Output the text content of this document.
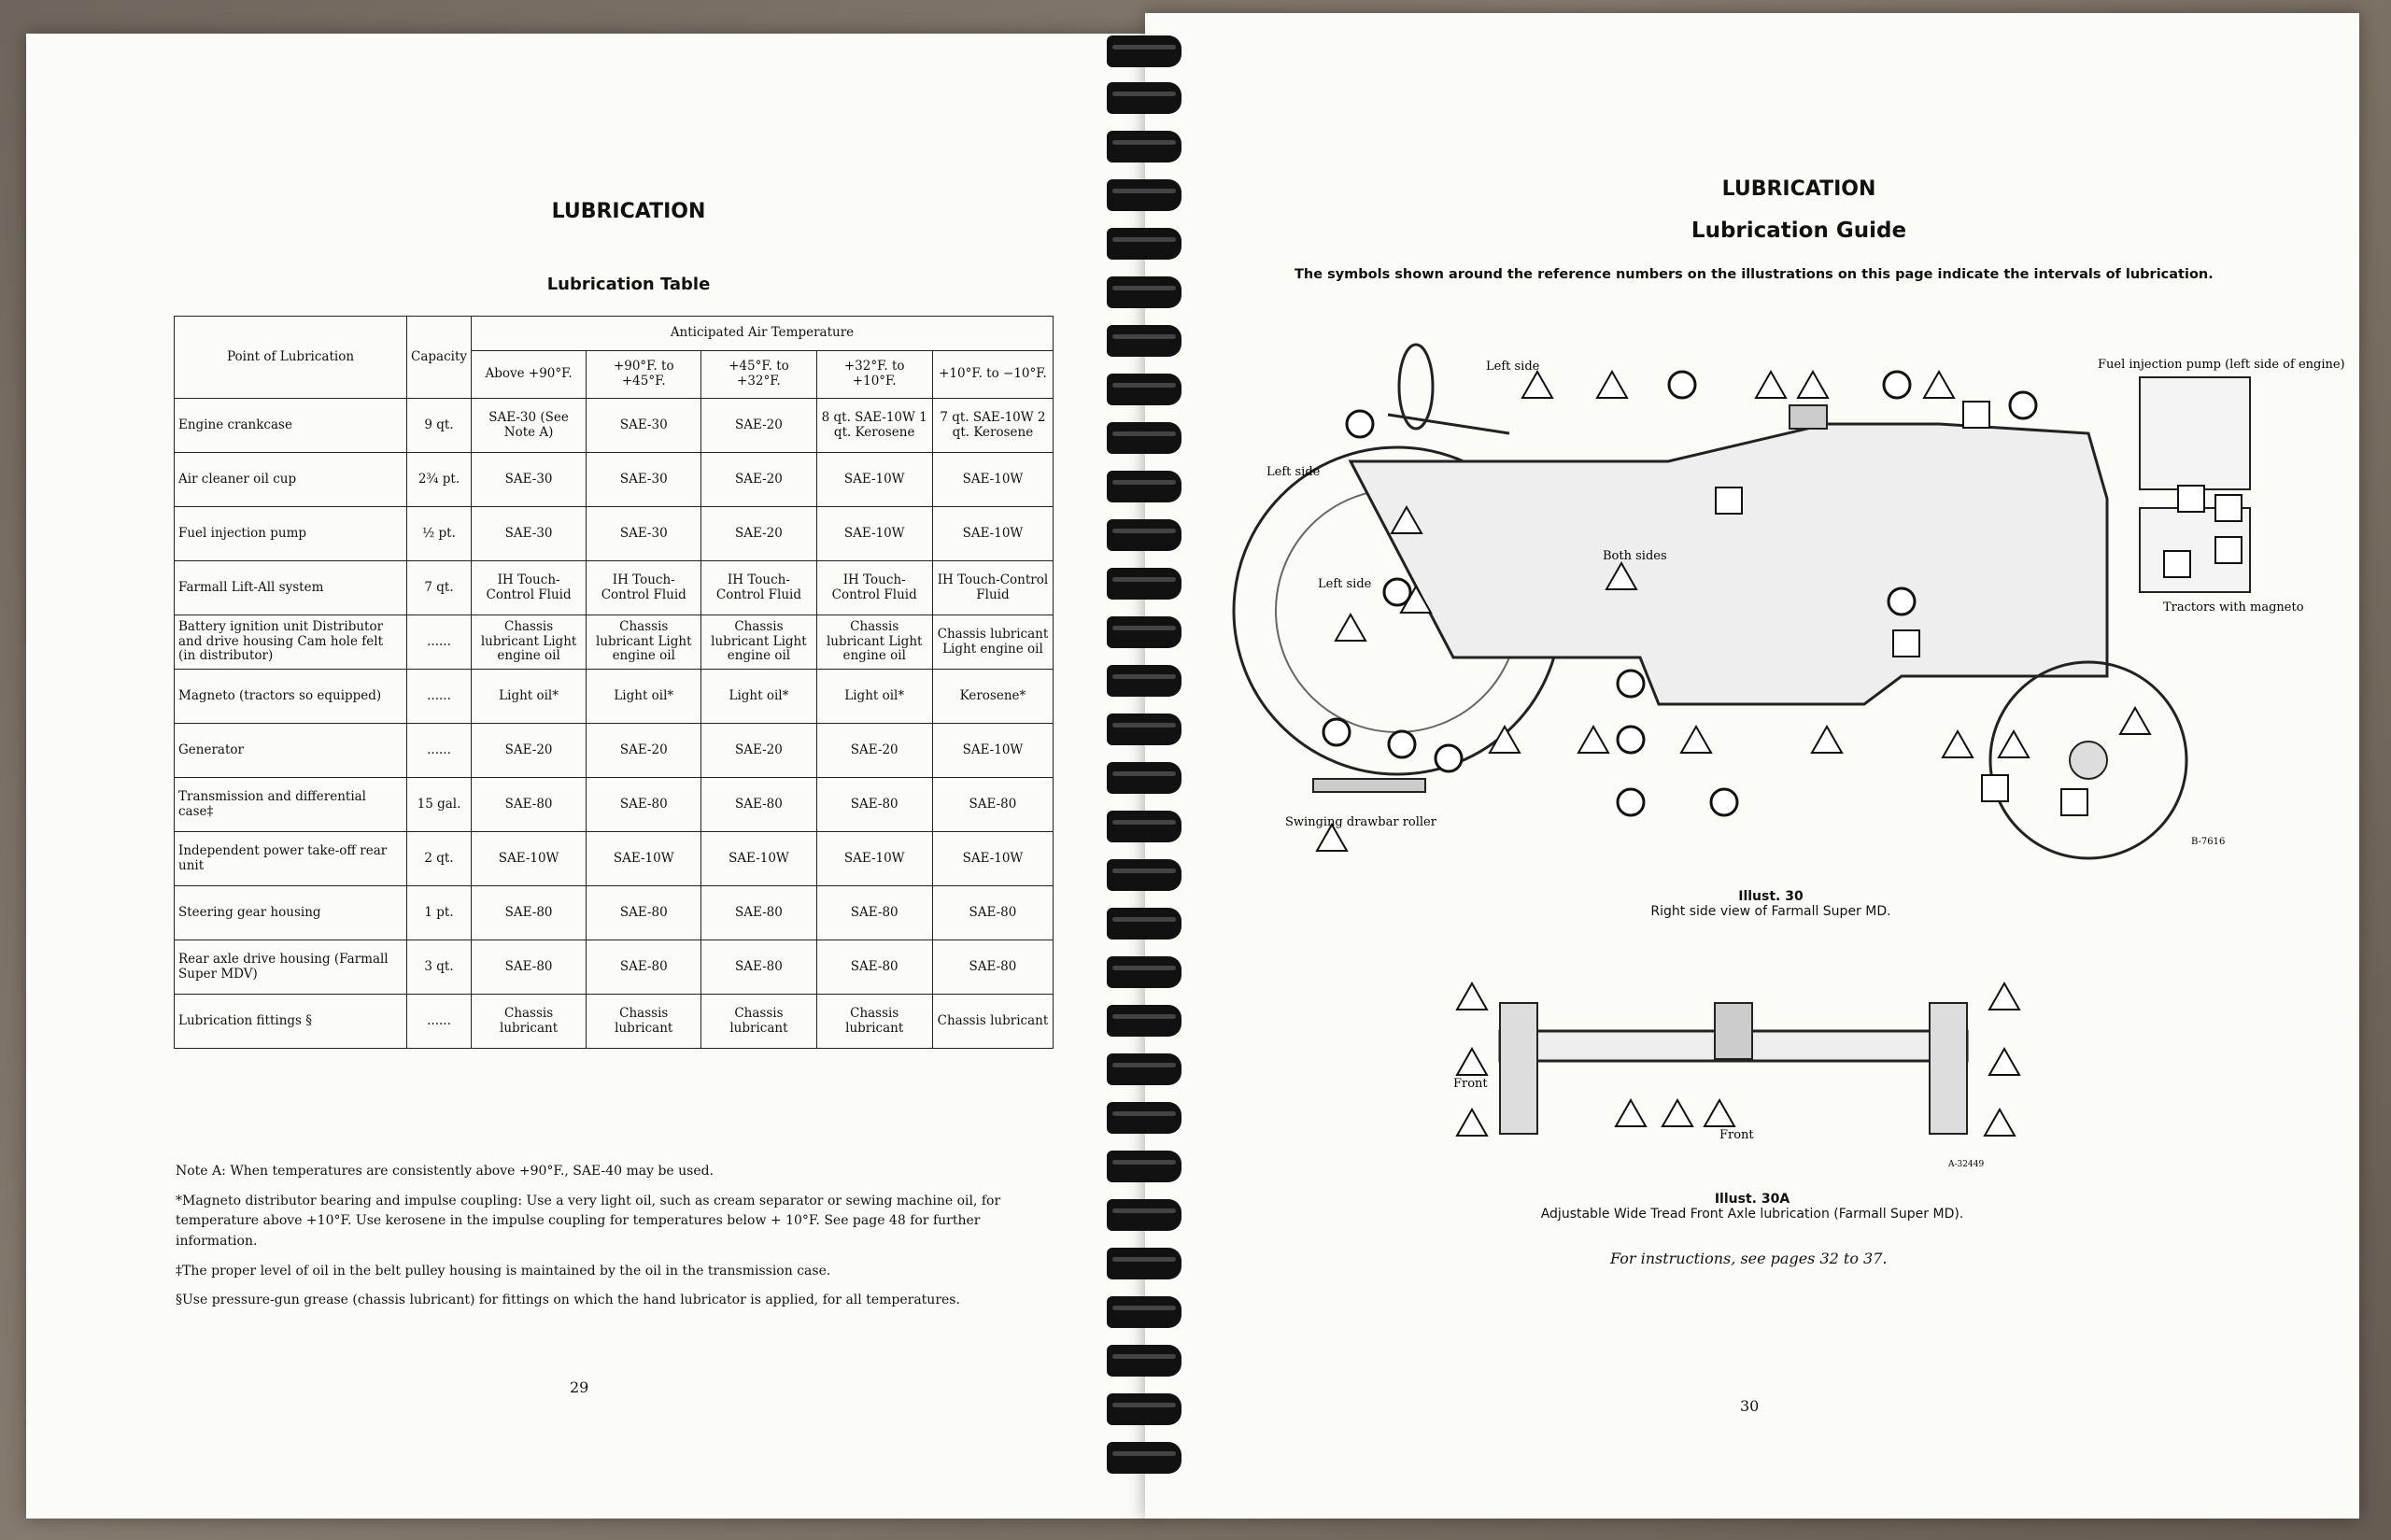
LUBRICATION
Lubrication Table
Point of Lubrication	Capacity	Anticipated Air Temperature				
		Above +90°F.	+90°F. to +45°F.	+45°F. to +32°F.	+32°F. to +10°F.	+10°F. to −10°F.
Engine crankcase	9 qt.	SAE-30 (See Note A)	SAE-30	SAE-20	8 qt. SAE-10W 1 qt. Kerosene	7 qt. SAE-10W 2 qt. Kerosene
Air cleaner oil cup	2¾ pt.	SAE-30	SAE-30	SAE-20	SAE-10W	SAE-10W
Fuel injection pump	½ pt.	SAE-30	SAE-30	SAE-20	SAE-10W	SAE-10W
Farmall Lift-All system	7 qt.	IH Touch-Control Fluid	IH Touch-Control Fluid	IH Touch-Control Fluid	IH Touch-Control Fluid	IH Touch-Control Fluid
Battery ignition unit Distributor and drive housing Cam hole felt (in distributor)	......	Chassis lubricant Light engine oil	Chassis lubricant Light engine oil	Chassis lubricant Light engine oil	Chassis lubricant Light engine oil	Chassis lubricant Light engine oil
Magneto (tractors so equipped)	......	Light oil*	Light oil*	Light oil*	Light oil*	Kerosene*
Generator	......	SAE-20	SAE-20	SAE-20	SAE-20	SAE-10W
Transmission and differential case‡	15 gal.	SAE-80	SAE-80	SAE-80	SAE-80	SAE-80
Independent power take-off rear unit	2 qt.	SAE-10W	SAE-10W	SAE-10W	SAE-10W	SAE-10W
Steering gear housing	1 pt.	SAE-80	SAE-80	SAE-80	SAE-80	SAE-80
Rear axle drive housing (Farmall Super MDV)	3 qt.	SAE-80	SAE-80	SAE-80	SAE-80	SAE-80
Lubrication fittings §	......	Chassis lubricant	Chassis lubricant	Chassis lubricant	Chassis lubricant	Chassis lubricant

Note A: When temperatures are consistently above +90°F., SAE-40 may be used.

*Magneto distributor bearing and impulse coupling: Use a very light oil, such as cream separator or sewing machine oil, for temperature above +10°F. Use kerosene in the impulse coupling for temperatures below + 10°F. See page 48 for further information.

‡The proper level of oil in the belt pulley housing is maintained by the oil in the transmission case.

§Use pressure-gun grease (chassis lubricant) for fittings on which the hand lubricator is applied, for all temperatures.

29
LUBRICATION
Lubrication Guide
The symbols shown around the reference numbers on the illustrations on this page indicate the intervals of lubrication.
Left side
Left side
Left side
Both sides
Fuel injection pump (left side of engine)
Tractors with magneto
Swinging drawbar roller
B-7616
Illust. 30
Right side view of Farmall Super MD.
Front
Front
A-32449
Illust. 30A
Adjustable Wide Tread Front Axle lubrication (Farmall Super MD).
For instructions, see pages 32 to 37.
30
